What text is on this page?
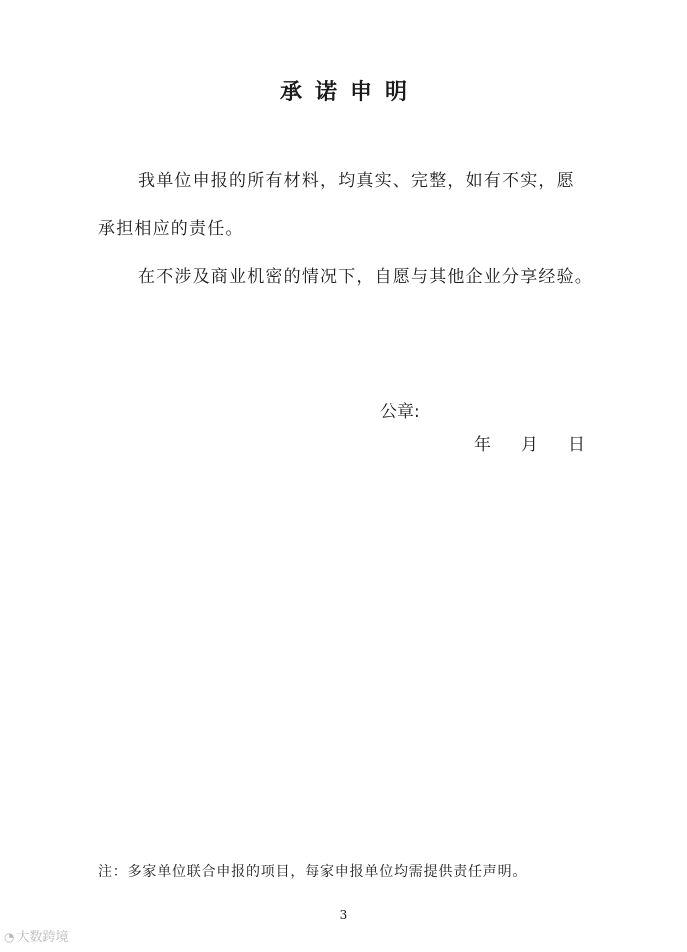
承诺申明

我单位申报的所有材料，均真实、完整，如有不实，愿

承担相应的责任。

在不涉及商业机密的情况下，自愿与其他企业分享经验。

公章:
年 月 日
注：多家单位联合申报的项目，每家申报单位均需提供责任声明。
3
◔ 大数跨境
